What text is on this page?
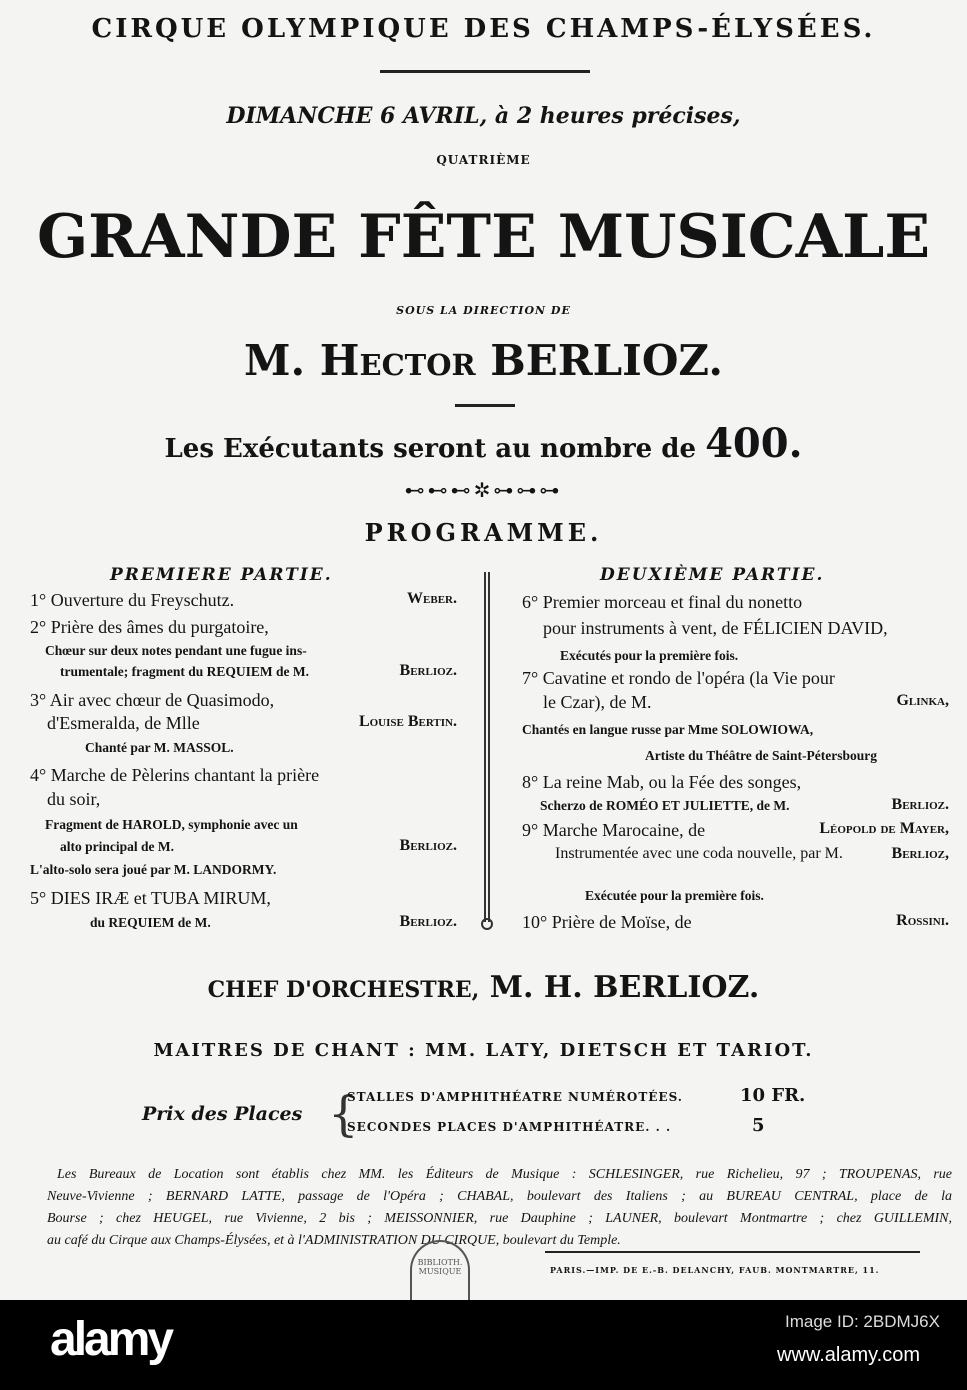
CIRQUE OLYMPIQUE DES CHAMPS-ÉLYSÉES.
DIMANCHE 6 AVRIL, à 2 heures précises,
QUATRIÈME
GRANDE FÊTE MUSICALE
SOUS LA DIRECTION DE
M. Hector BERLIOZ.
Les Exécutants seront au nombre de 400.
⊷⊷⊷✲⊶⊶⊶
PROGRAMME.
PREMIERE PARTIE.
1° Ouverture du Freyschutz.	Weber.
2° Prière des âmes du purgatoire,
Chœur sur deux notes pendant une fugue ins-
trumentale; fragment du REQUIEM de M.	Berlioz.
3° Air avec chœur de Quasimodo,
d'Esmeralda, de Mlle	Louise Bertin.
Chanté par M. MASSOL.
4° Marche de Pèlerins chantant la prière
du soir,
Fragment de HAROLD, symphonie avec un
alto principal de M.	Berlioz.
L'alto-solo sera joué par M. LANDORMY.
5° DIES IRÆ et TUBA MIRUM,
du REQUIEM de M.	Berlioz.
DEUXIÈME PARTIE.
6° Premier morceau et final du nonetto
pour instruments à vent, de FÉLICIEN DAVID,
Exécutés pour la première fois.
7° Cavatine et rondo de l'opéra (la Vie pour
le Czar), de M.	Glinka,
Chantés en langue russe par Mme SOLOWIOWA,
Artiste du Théâtre de Saint-Pétersbourg
8° La reine Mab, ou la Fée des songes,
Scherzo de ROMÉO ET JULIETTE, de M.	Berlioz.
9° Marche Marocaine, de	Léopold de Mayer,
Instrumentée avec une coda nouvelle, par M.	Berlioz,
Exécutée pour la première fois.
10° Prière de Moïse, de	Rossini.
CHEF D'ORCHESTRE, M. H. BERLIOZ.
MAITRES DE CHANT : MM. LATY, DIETSCH ET TARIOT.
Prix des Places {
STALLES D'AMPHITHÉATRE NUMÉROTÉES.	10 FR.
SECONDES PLACES D'AMPHITHÉATRE. . .	5
Les Bureaux de Location sont établis chez MM. les Éditeurs de Musique : SCHLESINGER, rue Richelieu, 97 ; TROUPENAS, rue
Neuve-Vivienne ; BERNARD LATTE, passage de l'Opéra ; CHABAL, boulevart des Italiens ; au BUREAU CENTRAL, place de la
Bourse ; chez HEUGEL, rue Vivienne, 2 bis ; MEISSONNIER, rue Dauphine ; LAUNER, boulevart Montmartre ; chez GUILLEMIN,
au café du Cirque aux Champs-Élysées, et à l'ADMINISTRATION DU CIRQUE, boulevart du Temple.
PARIS.—IMP. DE E.-B. DELANCHY, FAUB. MONTMARTRE, 11.
BIBLIOTH. MUSIQUE
alamy	Image ID: 2BDMJ6X
www.alamy.com
